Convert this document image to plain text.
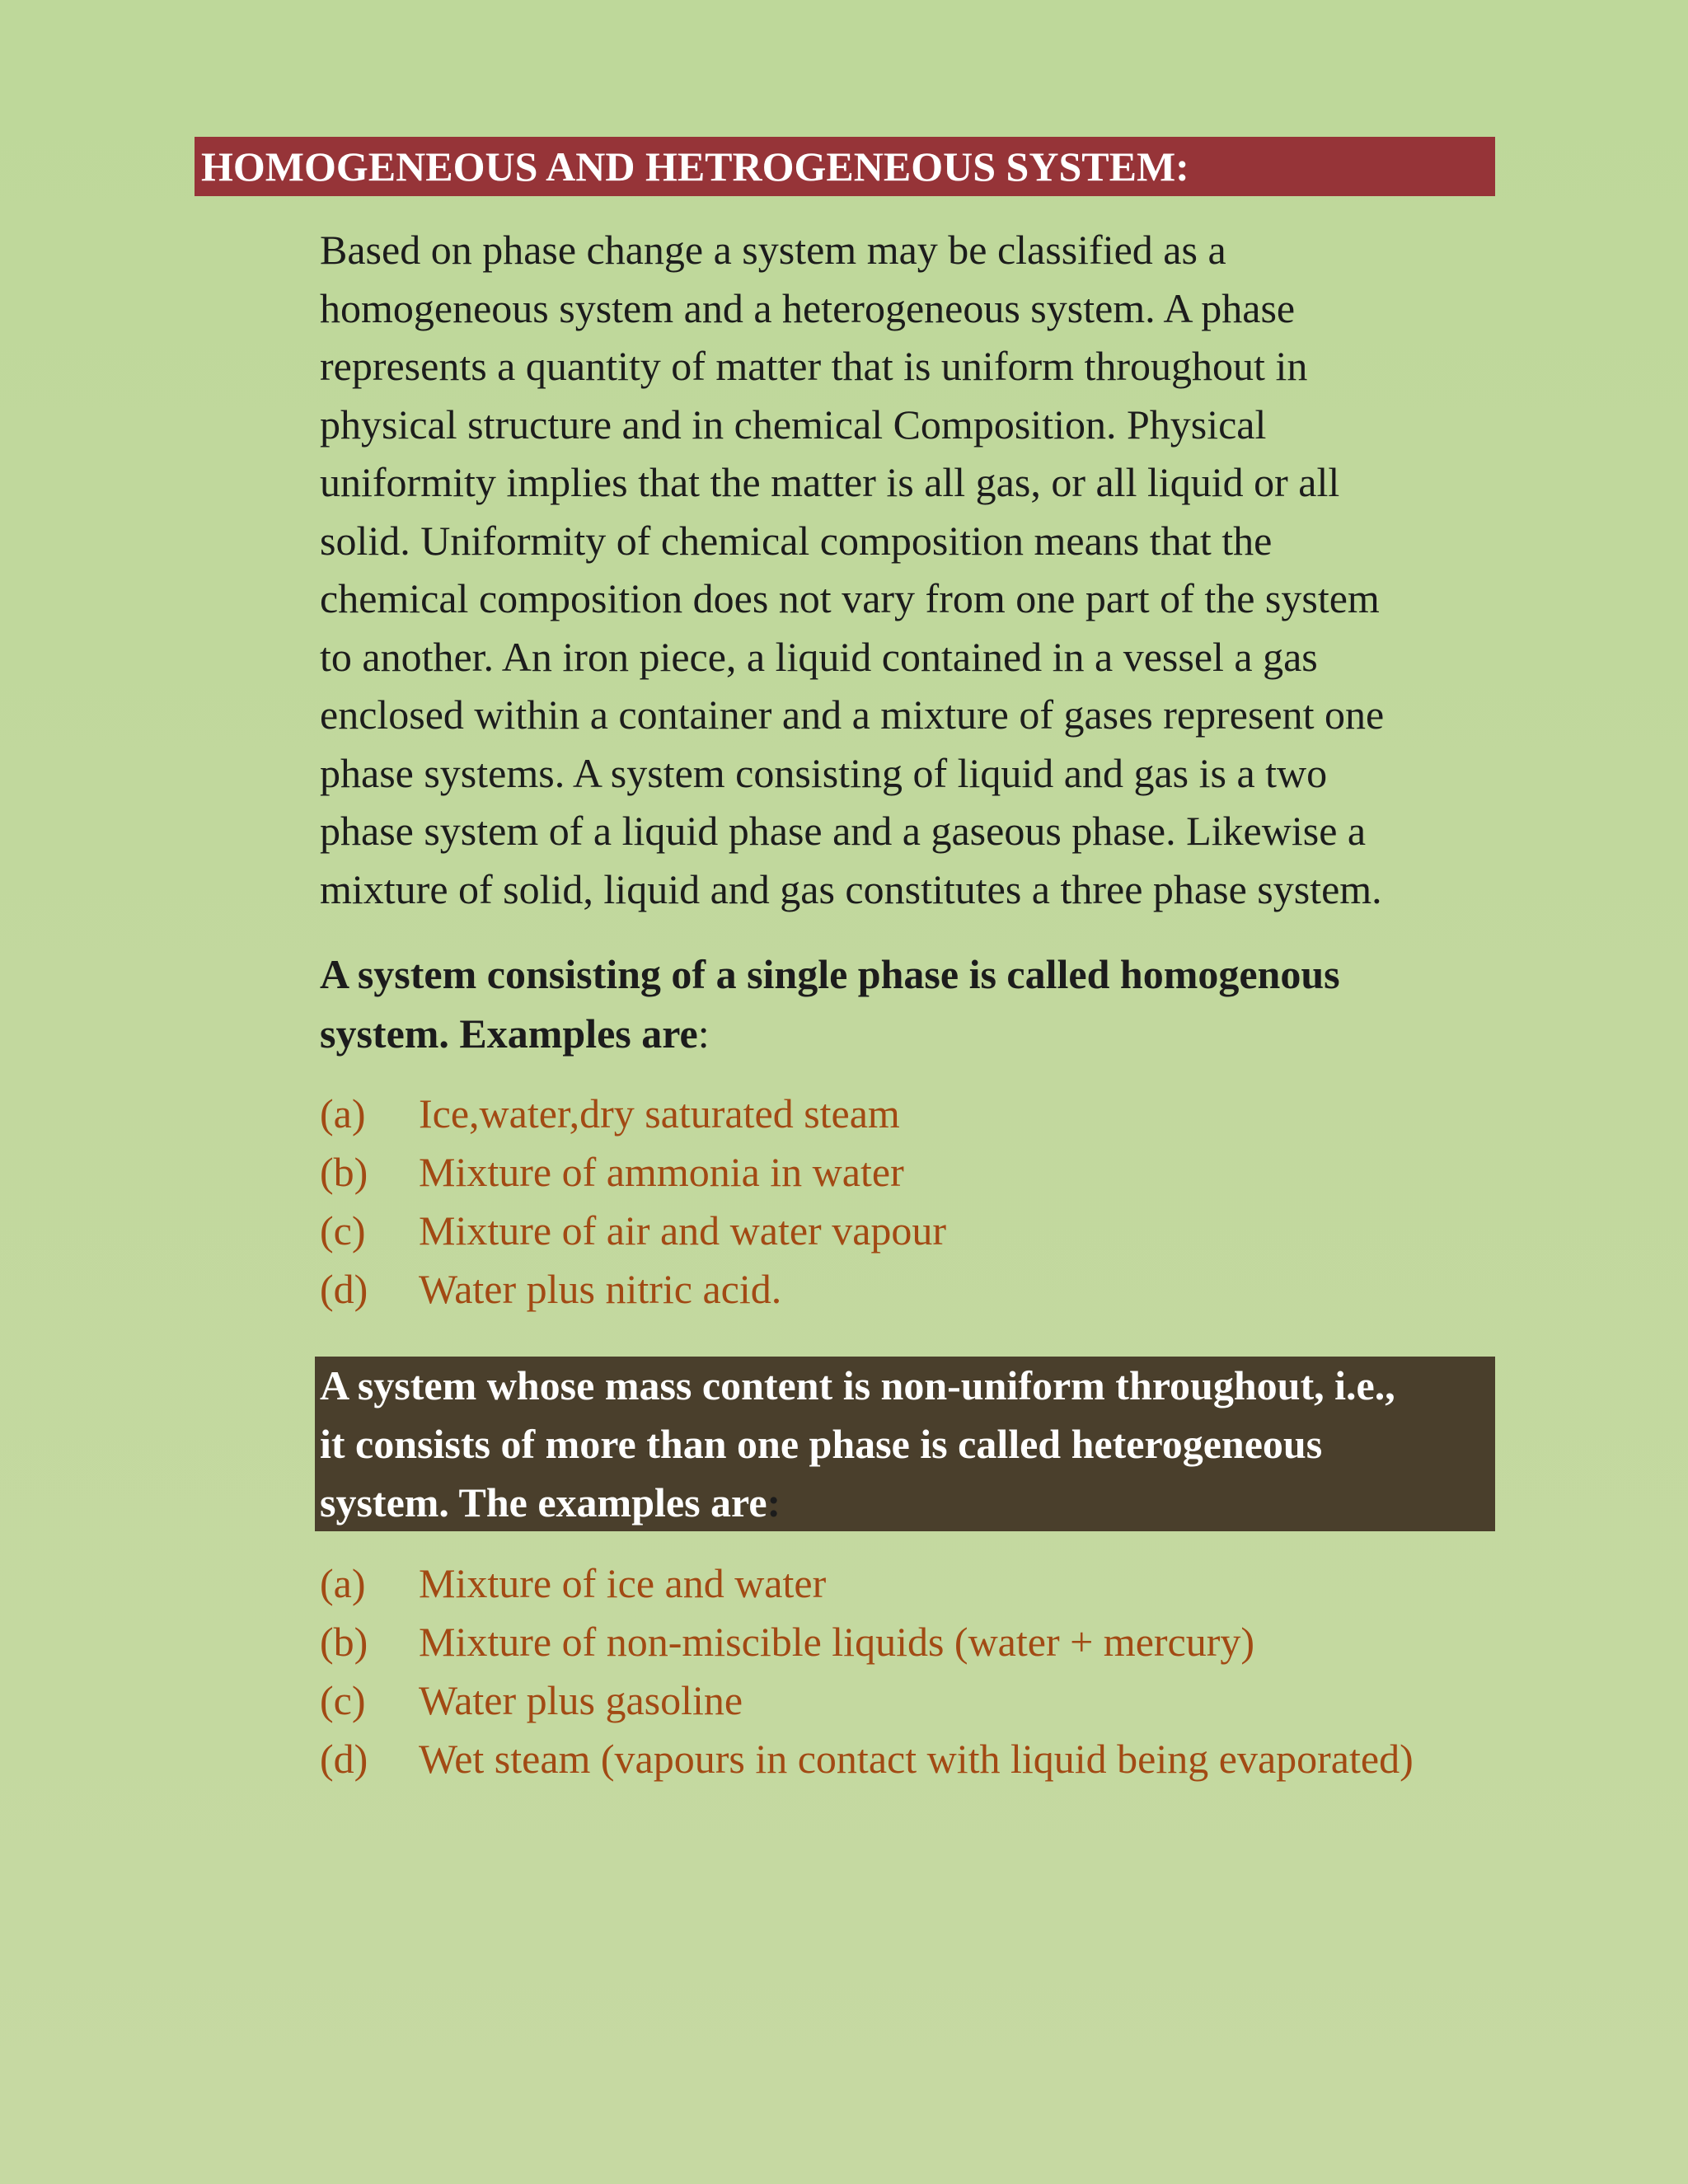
HOMOGENEOUS AND HETROGENEOUS SYSTEM:

Based on phase change a system may be classified as a
homogeneous system and a heterogeneous system. A phase
represents a quantity of matter that is uniform throughout in
physical structure and in chemical Composition. Physical
uniformity implies that the matter is all gas, or all liquid or all
solid. Uniformity of chemical composition means that the
chemical composition does not vary from one part of the system
to another. An iron piece, a liquid contained in a vessel a gas
enclosed within a container and a mixture of gases represent one
phase systems. A system consisting of liquid and gas is a two
phase system of a liquid phase and a gaseous phase. Likewise a
mixture of solid, liquid and gas constitutes a three phase system.

A system consisting of a single phase is called homogenous
system. Examples are:
(a)	Ice,water,dry saturated steam
(b)	Mixture of ammonia in water
(c)	Mixture of air and water vapour
(d)	Water plus nitric acid.
A system whose mass content is non-uniform throughout, i.e.,
it consists of more than one phase is called heterogeneous
system. The examples are:
(a)	Mixture of ice and water
(b)	Mixture of non-miscible liquids (water + mercury)
(c)	Water plus gasoline
(d)	Wet steam (vapours in contact with liquid being evaporated)
